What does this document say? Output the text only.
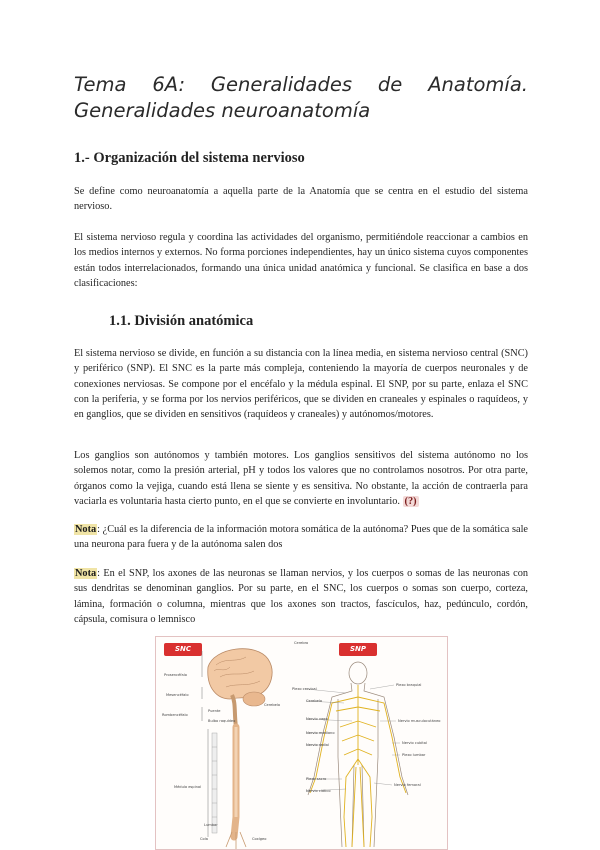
Tema 6A: Generalidades de Anatomía. Generalidades neuroanatomía
1.- Organización del sistema nervioso

Se define como neuroanatomía a aquella parte de la Anatomía que se centra en el estudio del sistema nervioso.

El sistema nervioso regula y coordina las actividades del organismo, permitiéndole reaccionar a cambios en los medios internos y externos. No forma porciones independientes, hay un único sistema cuyos componentes están todos interrelacionados, formando una única unidad anatómica y funcional. Se clasifica en base a dos clasificaciones:

1.1. División anatómica

El sistema nervioso se divide, en función a su distancia con la línea media, en sistema nervioso central (SNC) y periférico (SNP). El SNC es la parte más compleja, conteniendo la mayoría de cuerpos neuronales y de conexiones nerviosas. Se compone por el encéfalo y la médula espinal. El SNP, por su parte, enlaza el SNC con la periferia, y se forma por los nervios periféricos, que se dividen en craneales y espinales o raquídeos, y en ganglios, que se dividen en sensitivos (raquídeos y craneales) y autónomos/motores.

Los ganglios son autónomos y también motores. Los ganglios sensitivos del sistema autónomo no los solemos notar, como la presión arterial, pH y todos los valores que no controlamos nosotros. Por otra parte, órganos como la vejiga, cuando está llena se siente y es sensitiva. No obstante, la acción de contraerla para vaciarla es voluntaria hasta cierto punto, en el que se convierte en involuntario. (?)

Nota: ¿Cuál es la diferencia de la información motora somática de la autónoma? Pues que de la somática sale una neurona para fuera y de la autónoma salen dos

Nota: En el SNP, los axones de las neuronas se llaman nervios, y los cuerpos o somas de las neuronas con sus dendritas se denominan ganglios. Por su parte, en el SNC, los cuerpos o somas son cuerpo, corteza, lámina, formación o columna, mientras que los axones son tractos, fascículos, haz, pedúnculo, cordón, cápsula, comisura o lemnisco

SNC	SNP
Cerebro
Prosencéfalo
Mesencéfalo
Rombencéfalo
Cerebelo
Puente
Bulbo raquídeo
Médula espinal
Lumbar
Cola	Coxígeo
Plexo cervical
Plexo braquial
Cerebelo
Nervio vago	Nervio musculocutáneo
Nervio mediano
Nervio radial	Nervio cubital
Plexo lumbar
Plexo sacro
Nervio femoral
Nervio ciático
